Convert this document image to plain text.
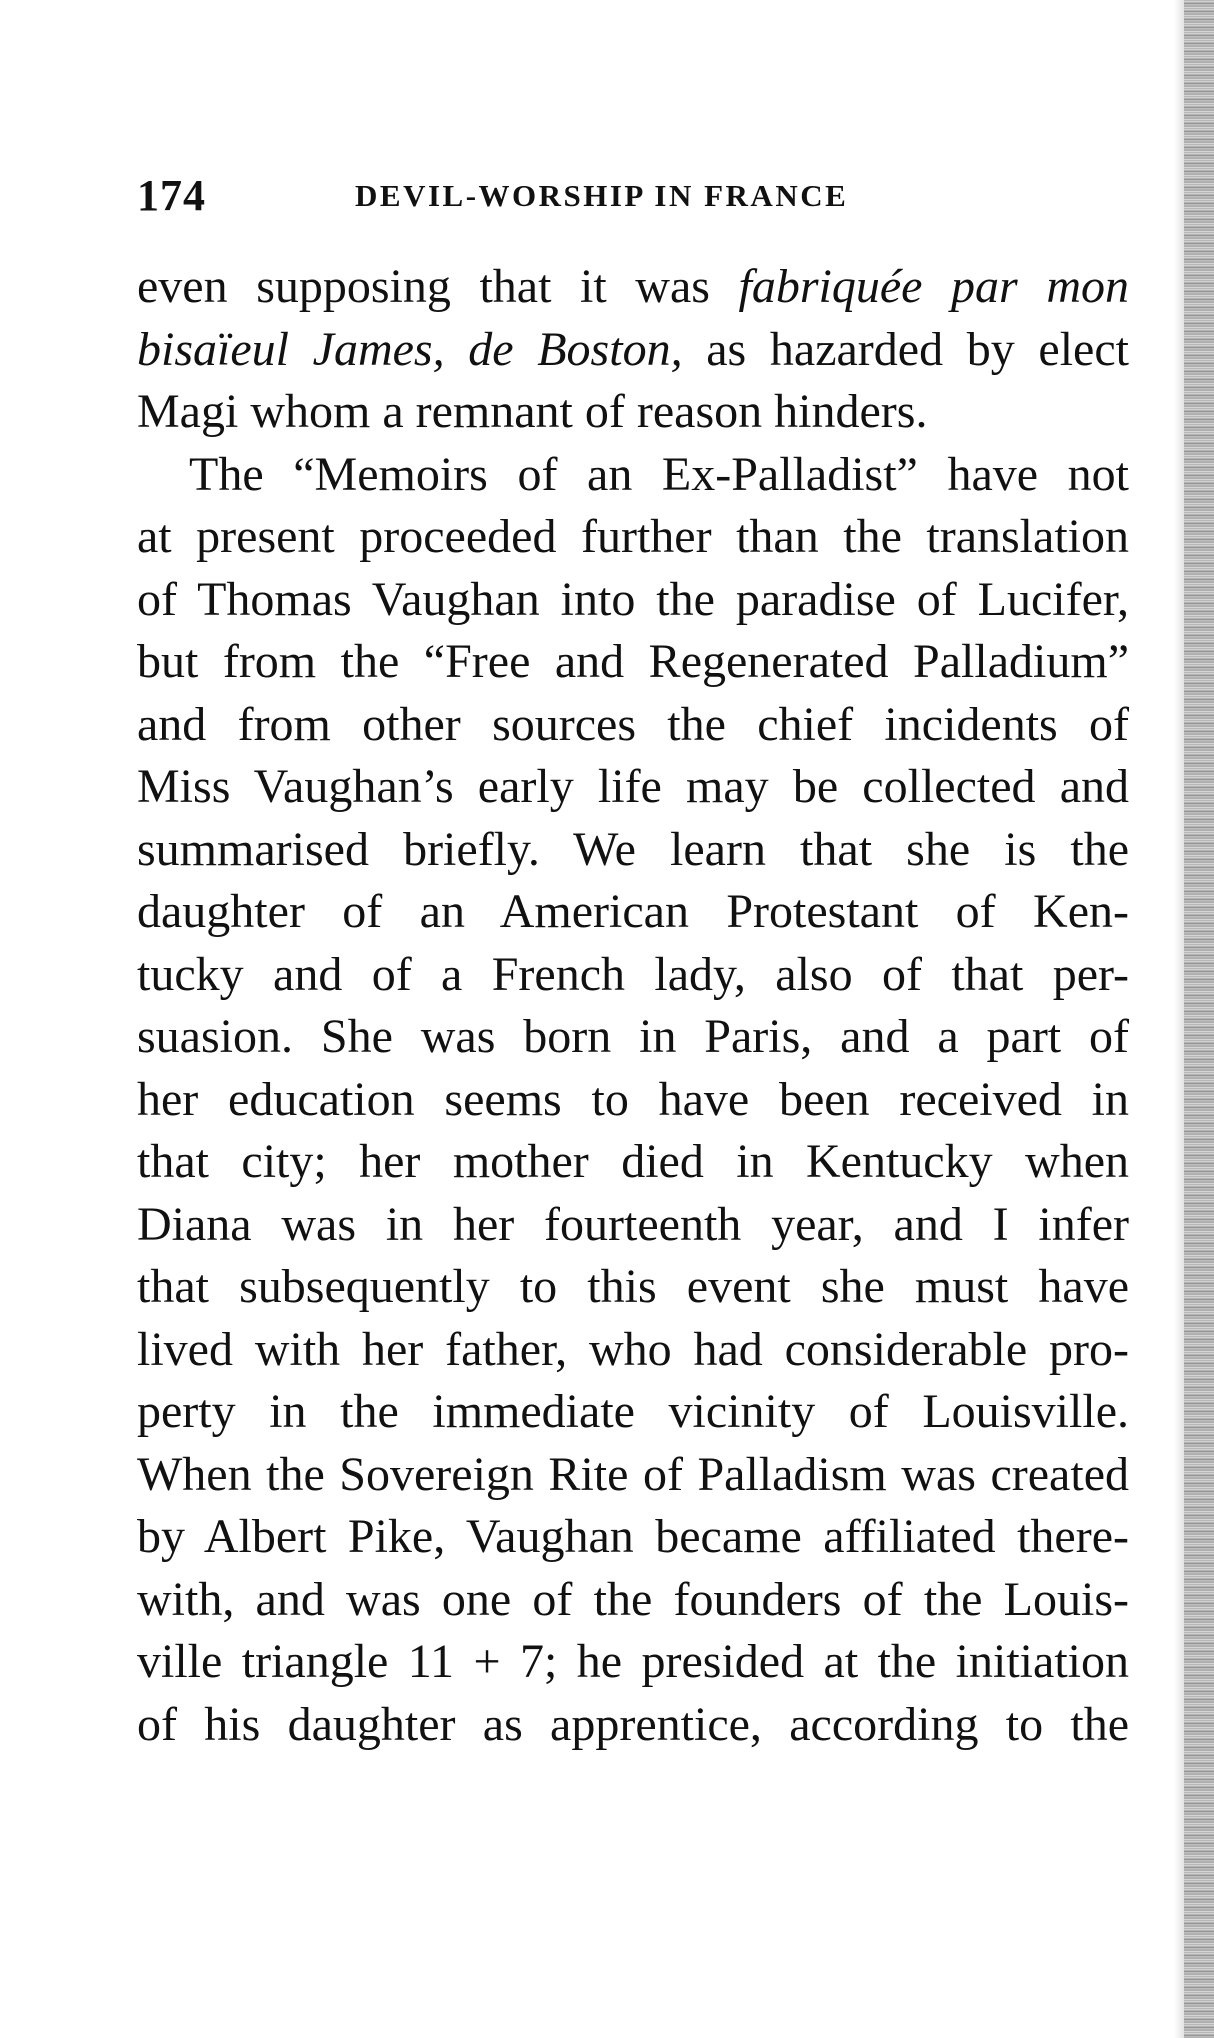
174	DEVIL-WORSHIP IN FRANCE
even supposing that it was fabriquée par mon
bisaïeul James, de Boston, as hazarded by elect
Magi whom a remnant of reason hinders.
The “Memoirs of an Ex-Palladist” have not
at present proceeded further than the translation
of Thomas Vaughan into the paradise of Lucifer,
but from the “Free and Regenerated Palladium”
and from other sources the chief incidents of
Miss Vaughan’s early life may be collected and
summarised briefly. We learn that she is the
daughter of an American Protestant of Ken-
tucky and of a French lady, also of that per-
suasion. She was born in Paris, and a part of
her education seems to have been received in
that city; her mother died in Kentucky when
Diana was in her fourteenth year, and I infer
that subsequently to this event she must have
lived with her father, who had considerable pro-
perty in the immediate vicinity of Louisville.
When the Sovereign Rite of Palladism was created
by Albert Pike, Vaughan became affiliated there-
with, and was one of the founders of the Louis-
ville triangle 11 + 7; he presided at the initiation
of his daughter as apprentice, according to the
